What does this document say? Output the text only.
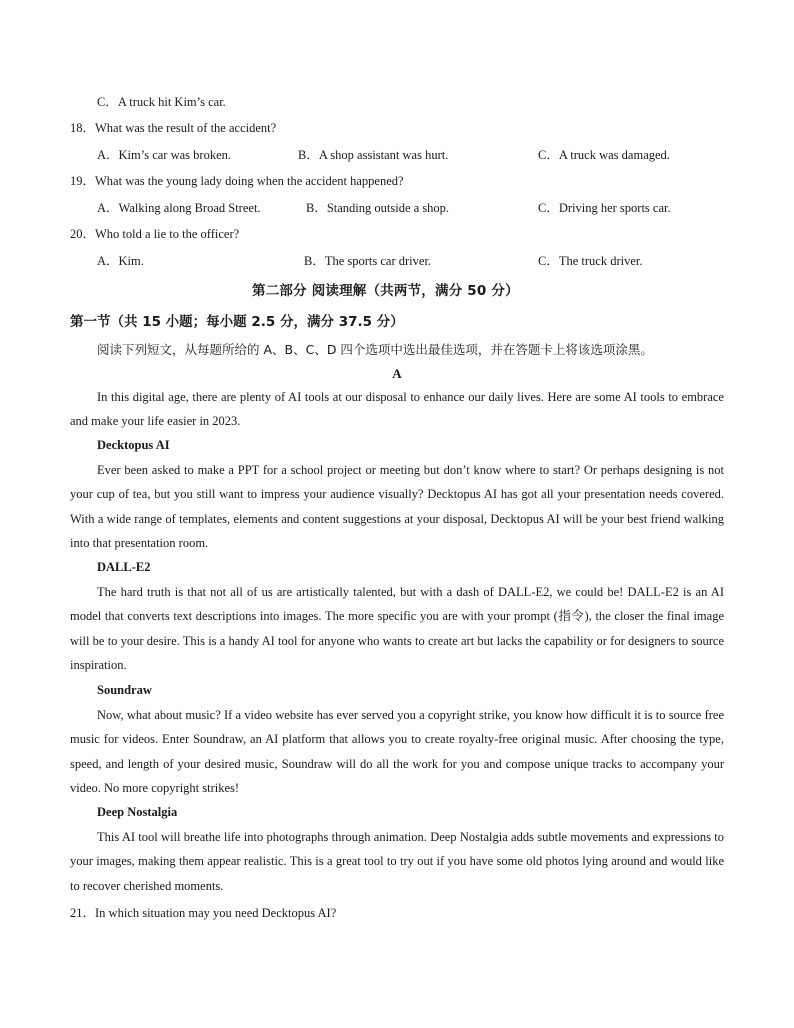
C．A truck hit Kim’s car.
18．What was the result of the accident?
A．Kim’s car was broken.	B．A shop assistant was hurt.	C．A truck was damaged.
19．What was the young lady doing when the accident happened?
A．Walking along Broad Street.	B．Standing outside a shop.	C．Driving her sports car.
20．Who told a lie to the officer?
A．Kim.	B．The sports car driver.	C．The truck driver.
第二部分 阅读理解（共两节，满分 50 分）
第一节（共 15 小题；每小题 2.5 分，满分 37.5 分）
阅读下列短文，从每题所给的 A、B、C、D 四个选项中选出最佳选项，并在答题卡上将该选项涂黑。
A
In this digital age, there are plenty of AI tools at our disposal to enhance our daily lives. Here are some AI tools to embrace and make your life easier in 2023.
Decktopus AI
Ever been asked to make a PPT for a school project or meeting but don’t know where to start? Or perhaps designing is not your cup of tea, but you still want to impress your audience visually? Decktopus AI has got all your presentation needs covered. With a wide range of templates, elements and content suggestions at your disposal, Decktopus AI will be your best friend walking into that presentation room.
DALL-E2
The hard truth is that not all of us are artistically talented, but with a dash of DALL-E2, we could be! DALL-E2 is an AI model that converts text descriptions into images. The more specific you are with your prompt (指令), the closer the final image will be to your desire. This is a handy AI tool for anyone who wants to create art but lacks the capability or for designers to source inspiration.
Soundraw
Now, what about music? If a video website has ever served you a copyright strike, you know how difficult it is to source free music for videos. Enter Soundraw, an AI platform that allows you to create royalty-free original music. After choosing the type, speed, and length of your desired music, Soundraw will do all the work for you and compose unique tracks to accompany your video. No more copyright strikes!
Deep Nostalgia
This AI tool will breathe life into photographs through animation. Deep Nostalgia adds subtle movements and expressions to your images, making them appear realistic. This is a great tool to try out if you have some old photos lying around and would like to recover cherished moments.
21．In which situation may you need Decktopus AI?
